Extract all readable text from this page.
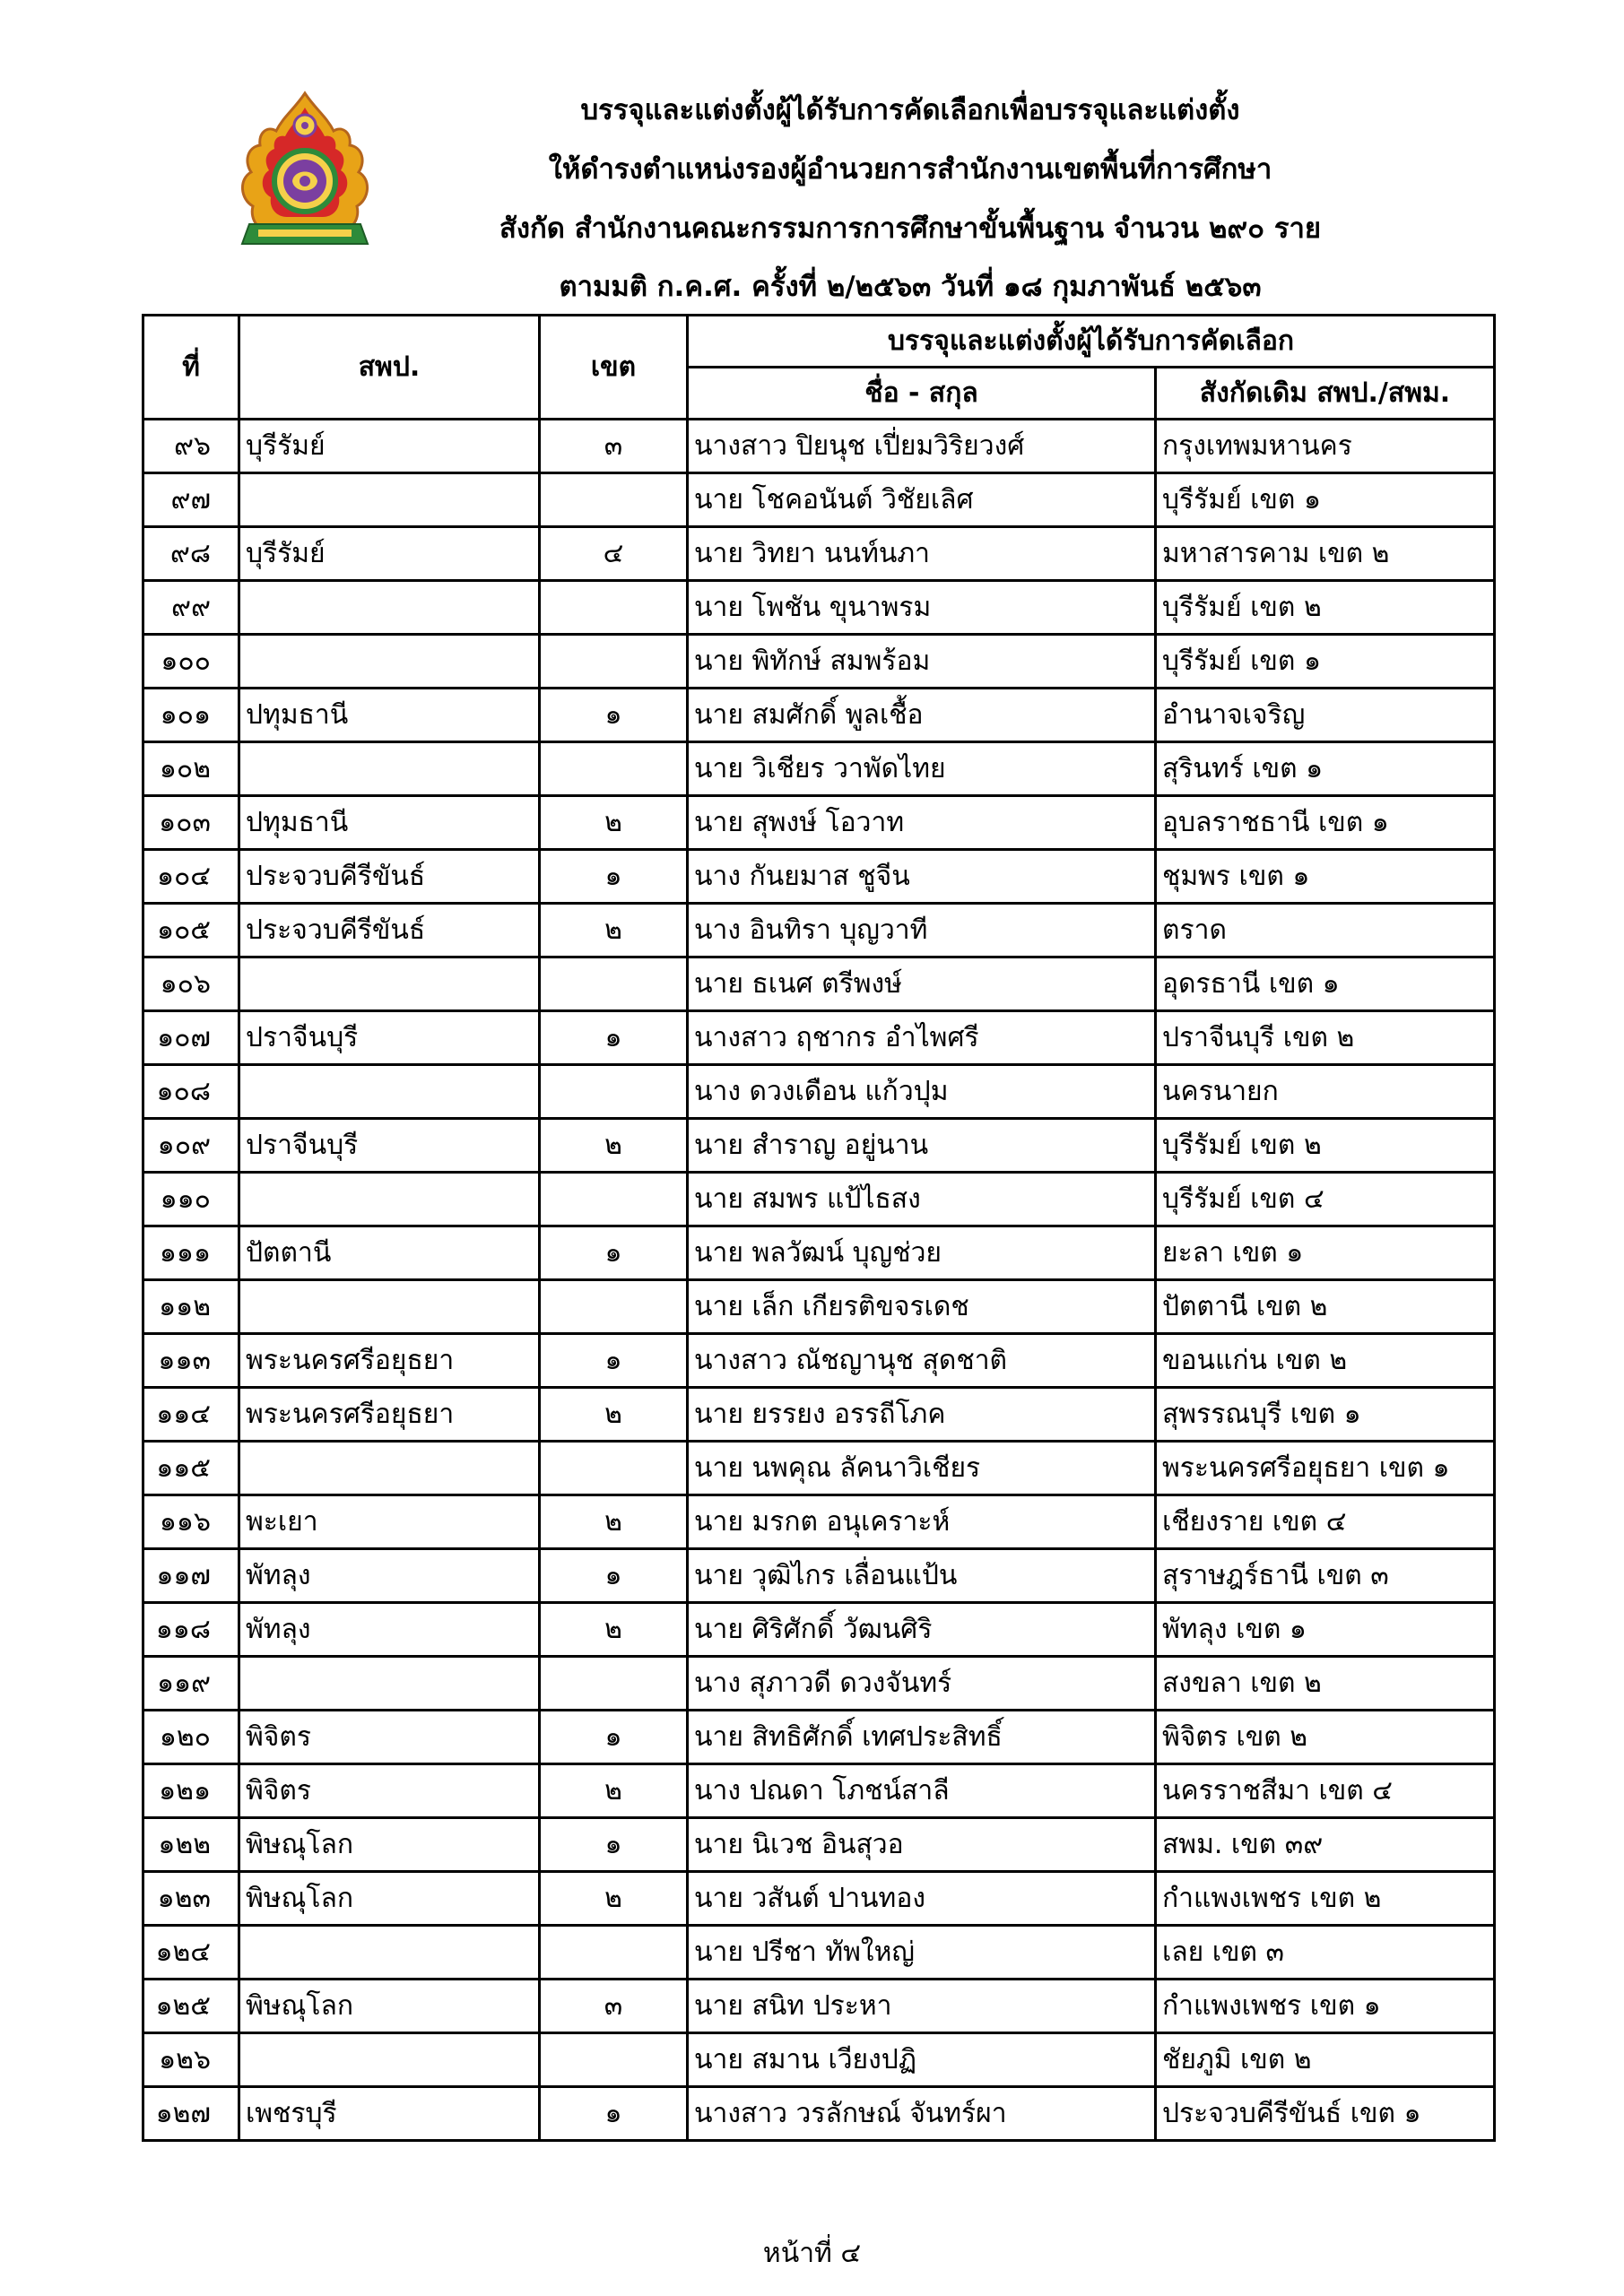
บรรจุและแต่งตั้งผู้ได้รับการคัดเลือกเพื่อบรรจุและแต่งตั้ง
ให้ดำรงตำแหน่งรองผู้อำนวยการสำนักงานเขตพื้นที่การศึกษา
สังกัด สำนักงานคณะกรรมการการศึกษาขั้นพื้นฐาน จำนวน ๒๙๐ ราย
ตามมติ ก.ค.ศ. ครั้งที่ ๒/๒๕๖๓ วันที่ ๑๘ กุมภาพันธ์ ๒๕๖๓
ที่	สพป.	เขต	บรรจุและแต่งตั้งผู้ได้รับการคัดเลือก	
			ชื่อ - สกุล	สังกัดเดิม สพป./สพม.
๙๖	บุรีรัมย์	๓	นางสาว ปิยนุช เปี่ยมวิริยวงศ์	กรุงเทพมหานคร
๙๗			นาย โชคอนันต์ วิชัยเลิศ	บุรีรัมย์ เขต ๑
๙๘	บุรีรัมย์	๔	นาย วิทยา นนท์นภา	มหาสารคาม เขต ๒
๙๙			นาย โพชัน ขุนาพรม	บุรีรัมย์ เขต ๒
๑๐๐			นาย พิทักษ์ สมพร้อม	บุรีรัมย์ เขต ๑
๑๐๑	ปทุมธานี	๑	นาย สมศักดิ์ พูลเชื้อ	อำนาจเจริญ
๑๐๒			นาย วิเชียร วาพัดไทย	สุรินทร์ เขต ๑
๑๐๓	ปทุมธานี	๒	นาย สุพงษ์ โอวาท	อุบลราชธานี เขต ๑
๑๐๔	ประจวบคีรีขันธ์	๑	นาง กันยมาส ชูจีน	ชุมพร เขต ๑
๑๐๕	ประจวบคีรีขันธ์	๒	นาง อินทิรา บุญวาที	ตราด
๑๐๖			นาย ธเนศ ตรีพงษ์	อุดรธานี เขต ๑
๑๐๗	ปราจีนบุรี	๑	นางสาว ฤชากร อำไพศรี	ปราจีนบุรี เขต ๒
๑๐๘			นาง ดวงเดือน แก้วปุม	นครนายก
๑๐๙	ปราจีนบุรี	๒	นาย สำราญ อยู่นาน	บุรีรัมย์ เขต ๒
๑๑๐			นาย สมพร แป้ไธสง	บุรีรัมย์ เขต ๔
๑๑๑	ปัตตานี	๑	นาย พลวัฒน์ บุญช่วย	ยะลา เขต ๑
๑๑๒			นาย เล็ก เกียรติขจรเดช	ปัตตานี เขต ๒
๑๑๓	พระนครศรีอยุธยา	๑	นางสาว ณัชญานุช สุดชาติ	ขอนแก่น เขต ๒
๑๑๔	พระนครศรีอยุธยา	๒	นาย ยรรยง อรรถีโภค	สุพรรณบุรี เขต ๑
๑๑๕			นาย นพคุณ ลัคนาวิเชียร	พระนครศรีอยุธยา เขต ๑
๑๑๖	พะเยา	๒	นาย มรกต อนุเคราะห์	เชียงราย เขต ๔
๑๑๗	พัทลุง	๑	นาย วุฒิไกร เลื่อนแป้น	สุราษฎร์ธานี เขต ๓
๑๑๘	พัทลุง	๒	นาย ศิริศักดิ์ วัฒนศิริ	พัทลุง เขต ๑
๑๑๙			นาง สุภาวดี ดวงจันทร์	สงขลา เขต ๒
๑๒๐	พิจิตร	๑	นาย สิทธิศักดิ์ เทศประสิทธิ์	พิจิตร เขต ๒
๑๒๑	พิจิตร	๒	นาง ปณดา โภชน์สาลี	นครราชสีมา เขต ๔
๑๒๒	พิษณุโลก	๑	นาย นิเวช อินสุวอ	สพม. เขต ๓๙
๑๒๓	พิษณุโลก	๒	นาย วสันต์ ปานทอง	กำแพงเพชร เขต ๒
๑๒๔			นาย ปรีชา ทัพใหญ่	เลย เขต ๓
๑๒๕	พิษณุโลก	๓	นาย สนิท ประหา	กำแพงเพชร เขต ๑
๑๒๖			นาย สมาน เวียงปฏิ	ชัยภูมิ เขต ๒
๑๒๗	เพชรบุรี	๑	นางสาว วรลักษณ์ จันทร์ผา	ประจวบคีรีขันธ์ เขต ๑
หน้าที่ ๔
